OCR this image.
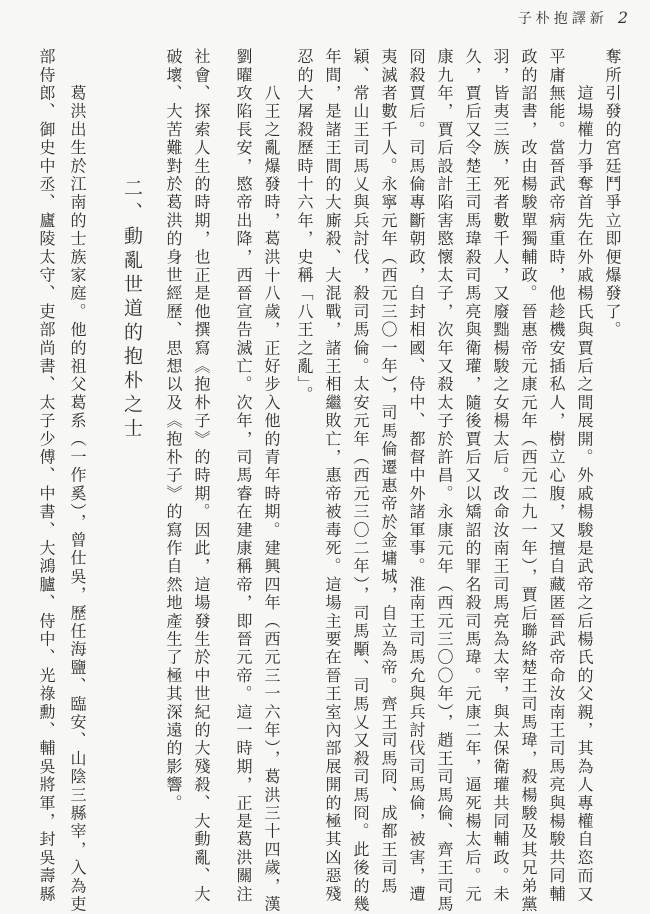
子朴抱譯新 2
奪所引發的宮廷鬥爭立即便爆發了。
　　這場權力爭奪首先在外戚楊氏與賈后之間展開。外戚楊駿是武帝之后楊氏的父親，其為人專權自恣而又
平庸無能。當晉武帝病重時，他趁機安插私人，樹立心腹，又擅自藏匿晉武帝命汝南王司馬亮與楊駿共同輔
政的詔書，改由楊駿單獨輔政。晉惠帝元康元年（西元二九一年），賈后聯絡楚王司馬瑋，殺楊駿及其兄弟黨
羽，皆夷三族，死者數千人，又廢黜楊駿之女楊太后。改命汝南王司馬亮為太宰，與太保衛瓘共同輔政。未
久，賈后又令楚王司馬瑋殺司馬亮與衛瓘，隨後賈后又以矯詔的罪名殺司馬瑋。元康二年，逼死楊太后。元
康九年，賈后設計陷害愍懷太子，次年又殺太子於許昌。永康元年（西元三〇〇年），趙王司馬倫、齊王司馬
冏殺賈后。司馬倫專斷朝政，自封相國、侍中、都督中外諸軍事。淮南王司馬允與兵討伐司馬倫，被害，遭
夷滅者數千人。永寧元年（西元三〇一年），司馬倫遷惠帝於金墉城，自立為帝。齊王司馬冏、成都王司馬
穎、常山王司馬乂與兵討伐，殺司馬倫。太安元年（西元三〇二年），司馬顒、司馬乂又殺司馬冏。此後的幾
年間，是諸王間的大廝殺、大混戰，諸王相繼敗亡，惠帝被毒死。這場主要在晉王室內部展開的極其凶惡殘
忍的大屠殺歷時十六年，史稱「八王之亂」。
　　八王之亂爆發時，葛洪十八歲，正好步入他的青年時期。建興四年（西元三一六年），葛洪三十四歲，漢
劉曜攻陷長安，愍帝出降，西晉宣告滅亡。次年，司馬睿在建康稱帝，即晉元帝。這一時期，正是葛洪關注
社會、探索人生的時期，也正是他撰寫《抱朴子》的時期。因此，這場發生於中世紀的大殘殺、大動亂、大
破壞、大苦難對於葛洪的身世經歷、思想以及《抱朴子》的寫作自然地產生了極其深遠的影響。
二、動亂世道的抱朴之士
　　葛洪出生於江南的士族家庭。他的祖父葛系（一作奚），曾仕吳，歷任海鹽、臨安、山陰三縣宰，入為吏
部侍郎、御史中丞、廬陵太守、吏部尚書、太子少傅、中書、大鴻臚、侍中、光祿勳、輔吳將軍，封吳壽縣
